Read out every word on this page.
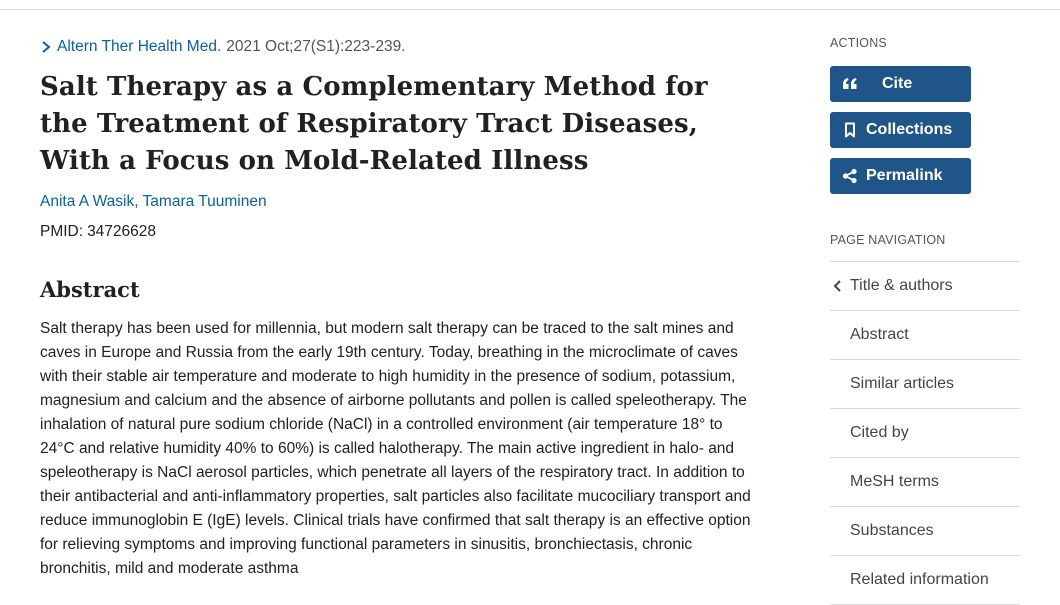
Altern Ther Health Med. 2021 Oct;27(S1):223-239.
Salt Therapy as a Complementary Method for the Treatment of Respiratory Tract Diseases, With a Focus on Mold-Related Illness
Anita A Wasik, Tamara Tuuminen
PMID: 34726628
Abstract
Salt therapy has been used for millennia, but modern salt therapy can be traced to the salt mines and caves in Europe and Russia from the early 19th century. Today, breathing in the microclimate of caves with their stable air temperature and moderate to high humidity in the presence of sodium, potassium, magnesium and calcium and the absence of airborne pollutants and pollen is called speleotherapy. The inhalation of natural pure sodium chloride (NaCl) in a controlled environment (air temperature 18° to 24°C and relative humidity 40% to 60%) is called halotherapy. The main active ingredient in halo- and speleotherapy is NaCl aerosol particles, which penetrate all layers of the respiratory tract. In addition to their antibacterial and anti-inflammatory properties, salt particles also facilitate mucociliary transport and reduce immunoglobin E (IgE) levels. Clinical trials have confirmed that salt therapy is an effective option for relieving symptoms and improving functional parameters in sinusitis, bronchiectasis, chronic bronchitis, mild and moderate asthma
ACTIONS
Cite
Collections
Permalink
PAGE NAVIGATION
Title & authors
Abstract
Similar articles
Cited by
MeSH terms
Substances
Related information
